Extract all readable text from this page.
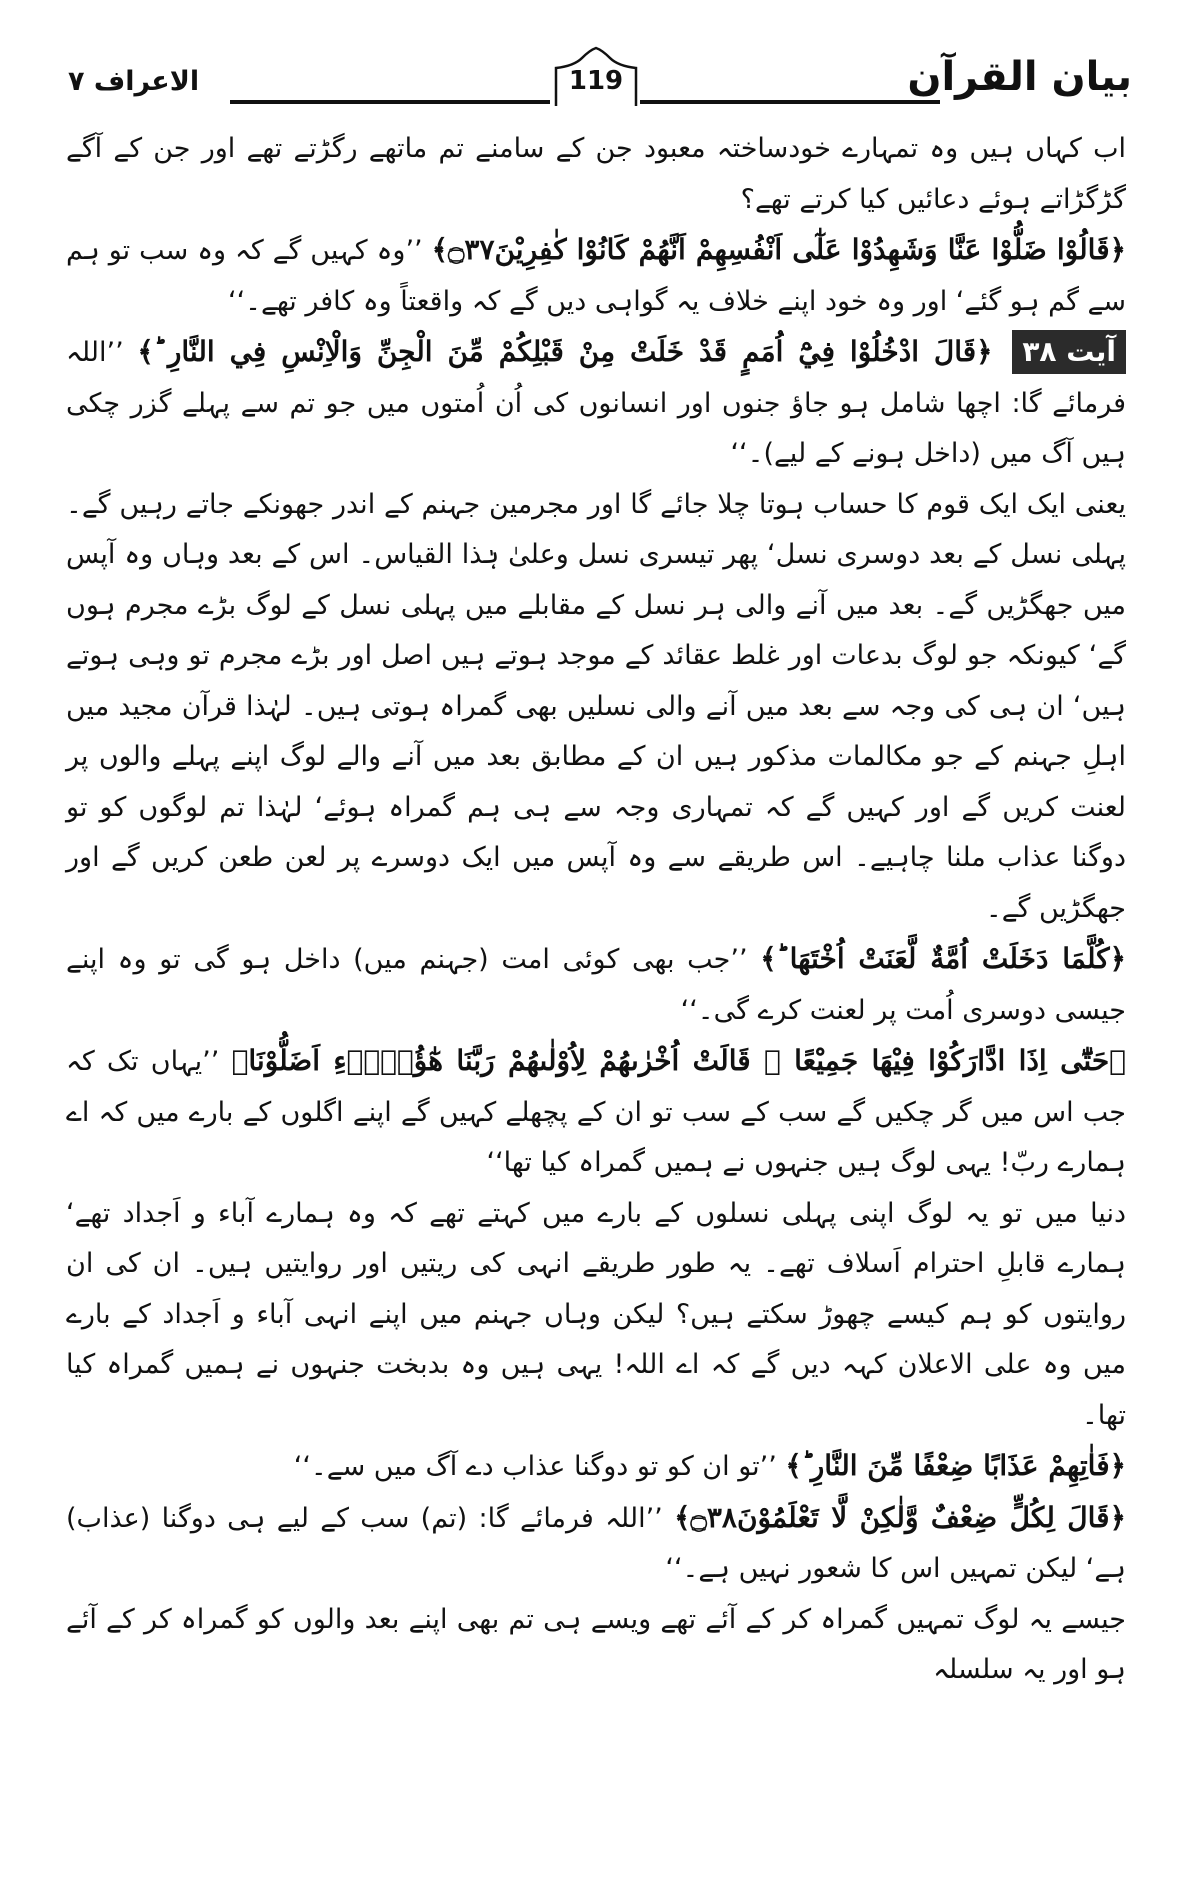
بیان القرآن
119
الاعراف ۷

اب کہاں ہیں وہ تمہارے خودساختہ معبود جن کے سامنے تم ماتھے رگڑتے تھے اور جن کے آگے گڑگڑاتے ہوئے دعائیں کیا کرتے تھے؟

﴿قَالُوْا ضَلُّوْا عَنَّا وَشَهِدُوْا عَلٰٓى اَنْفُسِهِمْ اَنَّهُمْ كَانُوْا كٰفِرِيْنَ۝۳۷﴾ ’’وہ کہیں گے کہ وہ سب تو ہم سے گم ہو گئے‘ اور وہ خود اپنے خلاف یہ گواہی دیں گے کہ واقعتاً وہ کافر تھے۔‘‘

آیت ۳۸ ﴿قَالَ ادْخُلُوْا فِيْٓ اُمَمٍ قَدْ خَلَتْ مِنْ قَبْلِكُمْ مِّنَ الْجِنِّ وَالْاِنْسِ فِي النَّارِ ؕ﴾ ’’اللہ فرمائے گا: اچھا شامل ہو جاؤ جنوں اور انسانوں کی اُن اُمتوں میں جو تم سے پہلے گزر چکی ہیں آگ میں (داخل ہونے کے لیے)۔‘‘

یعنی ایک ایک قوم کا حساب ہوتا چلا جائے گا اور مجرمین جہنم کے اندر جھونکے جاتے رہیں گے۔ پہلی نسل کے بعد دوسری نسل‘ پھر تیسری نسل وعلیٰ ہٰذا القیاس۔ اس کے بعد وہاں وہ آپس میں جھگڑیں گے۔ بعد میں آنے والی ہر نسل کے مقابلے میں پہلی نسل کے لوگ بڑے مجرم ہوں گے‘ کیونکہ جو لوگ بدعات اور غلط عقائد کے موجد ہوتے ہیں اصل اور بڑے مجرم تو وہی ہوتے ہیں‘ ان ہی کی وجہ سے بعد میں آنے والی نسلیں بھی گمراہ ہوتی ہیں۔ لہٰذا قرآن مجید میں اہلِ جہنم کے جو مکالمات مذکور ہیں ان کے مطابق بعد میں آنے والے لوگ اپنے پہلے والوں پر لعنت کریں گے اور کہیں گے کہ تمہاری وجہ سے ہی ہم گمراہ ہوئے‘ لہٰذا تم لوگوں کو تو دوگنا عذاب ملنا چاہیے۔ اس طریقے سے وہ آپس میں ایک دوسرے پر لعن طعن کریں گے اور جھگڑیں گے۔

﴿كُلَّمَا دَخَلَتْ اُمَّةٌ لَّعَنَتْ اُخْتَهَا ؕ﴾ ’’جب بھی کوئی امت (جہنم میں) داخل ہو گی تو وہ اپنے جیسی دوسری اُمت پر لعنت کرے گی۔‘‘

﴿حَتّٰٓى اِذَا ادَّارَكُوْا فِيْهَا جَمِيْعًا ۙ قَالَتْ اُخْرٰىهُمْ لِاُوْلٰىهُمْ رَبَّنَا هٰٓؤُلَاۗءِ اَضَلُّوْنَا﴾ ’’یہاں تک کہ جب اس میں گر چکیں گے سب کے سب تو ان کے پچھلے کہیں گے اپنے اگلوں کے بارے میں کہ اے ہمارے ربّ! یہی لوگ ہیں جنہوں نے ہمیں گمراہ کیا تھا‘‘

دنیا میں تو یہ لوگ اپنی پہلی نسلوں کے بارے میں کہتے تھے کہ وہ ہمارے آباء و اَجداد تھے‘ ہمارے قابلِ احترام اَسلاف تھے۔ یہ طور طریقے انہی کی ریتیں اور روایتیں ہیں۔ ان کی ان روایتوں کو ہم کیسے چھوڑ سکتے ہیں؟ لیکن وہاں جہنم میں اپنے انہی آباء و اَجداد کے بارے میں وہ علی الاعلان کہہ دیں گے کہ اے اللہ! یہی ہیں وہ بدبخت جنہوں نے ہمیں گمراہ کیا تھا۔

﴿فَاٰتِهِمْ عَذَابًا ضِعْفًا مِّنَ النَّارِ ؕ﴾ ’’تو ان کو تو دوگنا عذاب دے آگ میں سے۔‘‘

﴿قَالَ لِكُلٍّ ضِعْفٌ وَّلٰكِنْ لَّا تَعْلَمُوْنَ۝۳۸﴾ ’’اللہ فرمائے گا: (تم) سب کے لیے ہی دوگنا (عذاب) ہے‘ لیکن تمہیں اس کا شعور نہیں ہے۔‘‘

جیسے یہ لوگ تمہیں گمراہ کر کے آئے تھے ویسے ہی تم بھی اپنے بعد والوں کو گمراہ کر کے آئے ہو اور یہ سلسلہ
